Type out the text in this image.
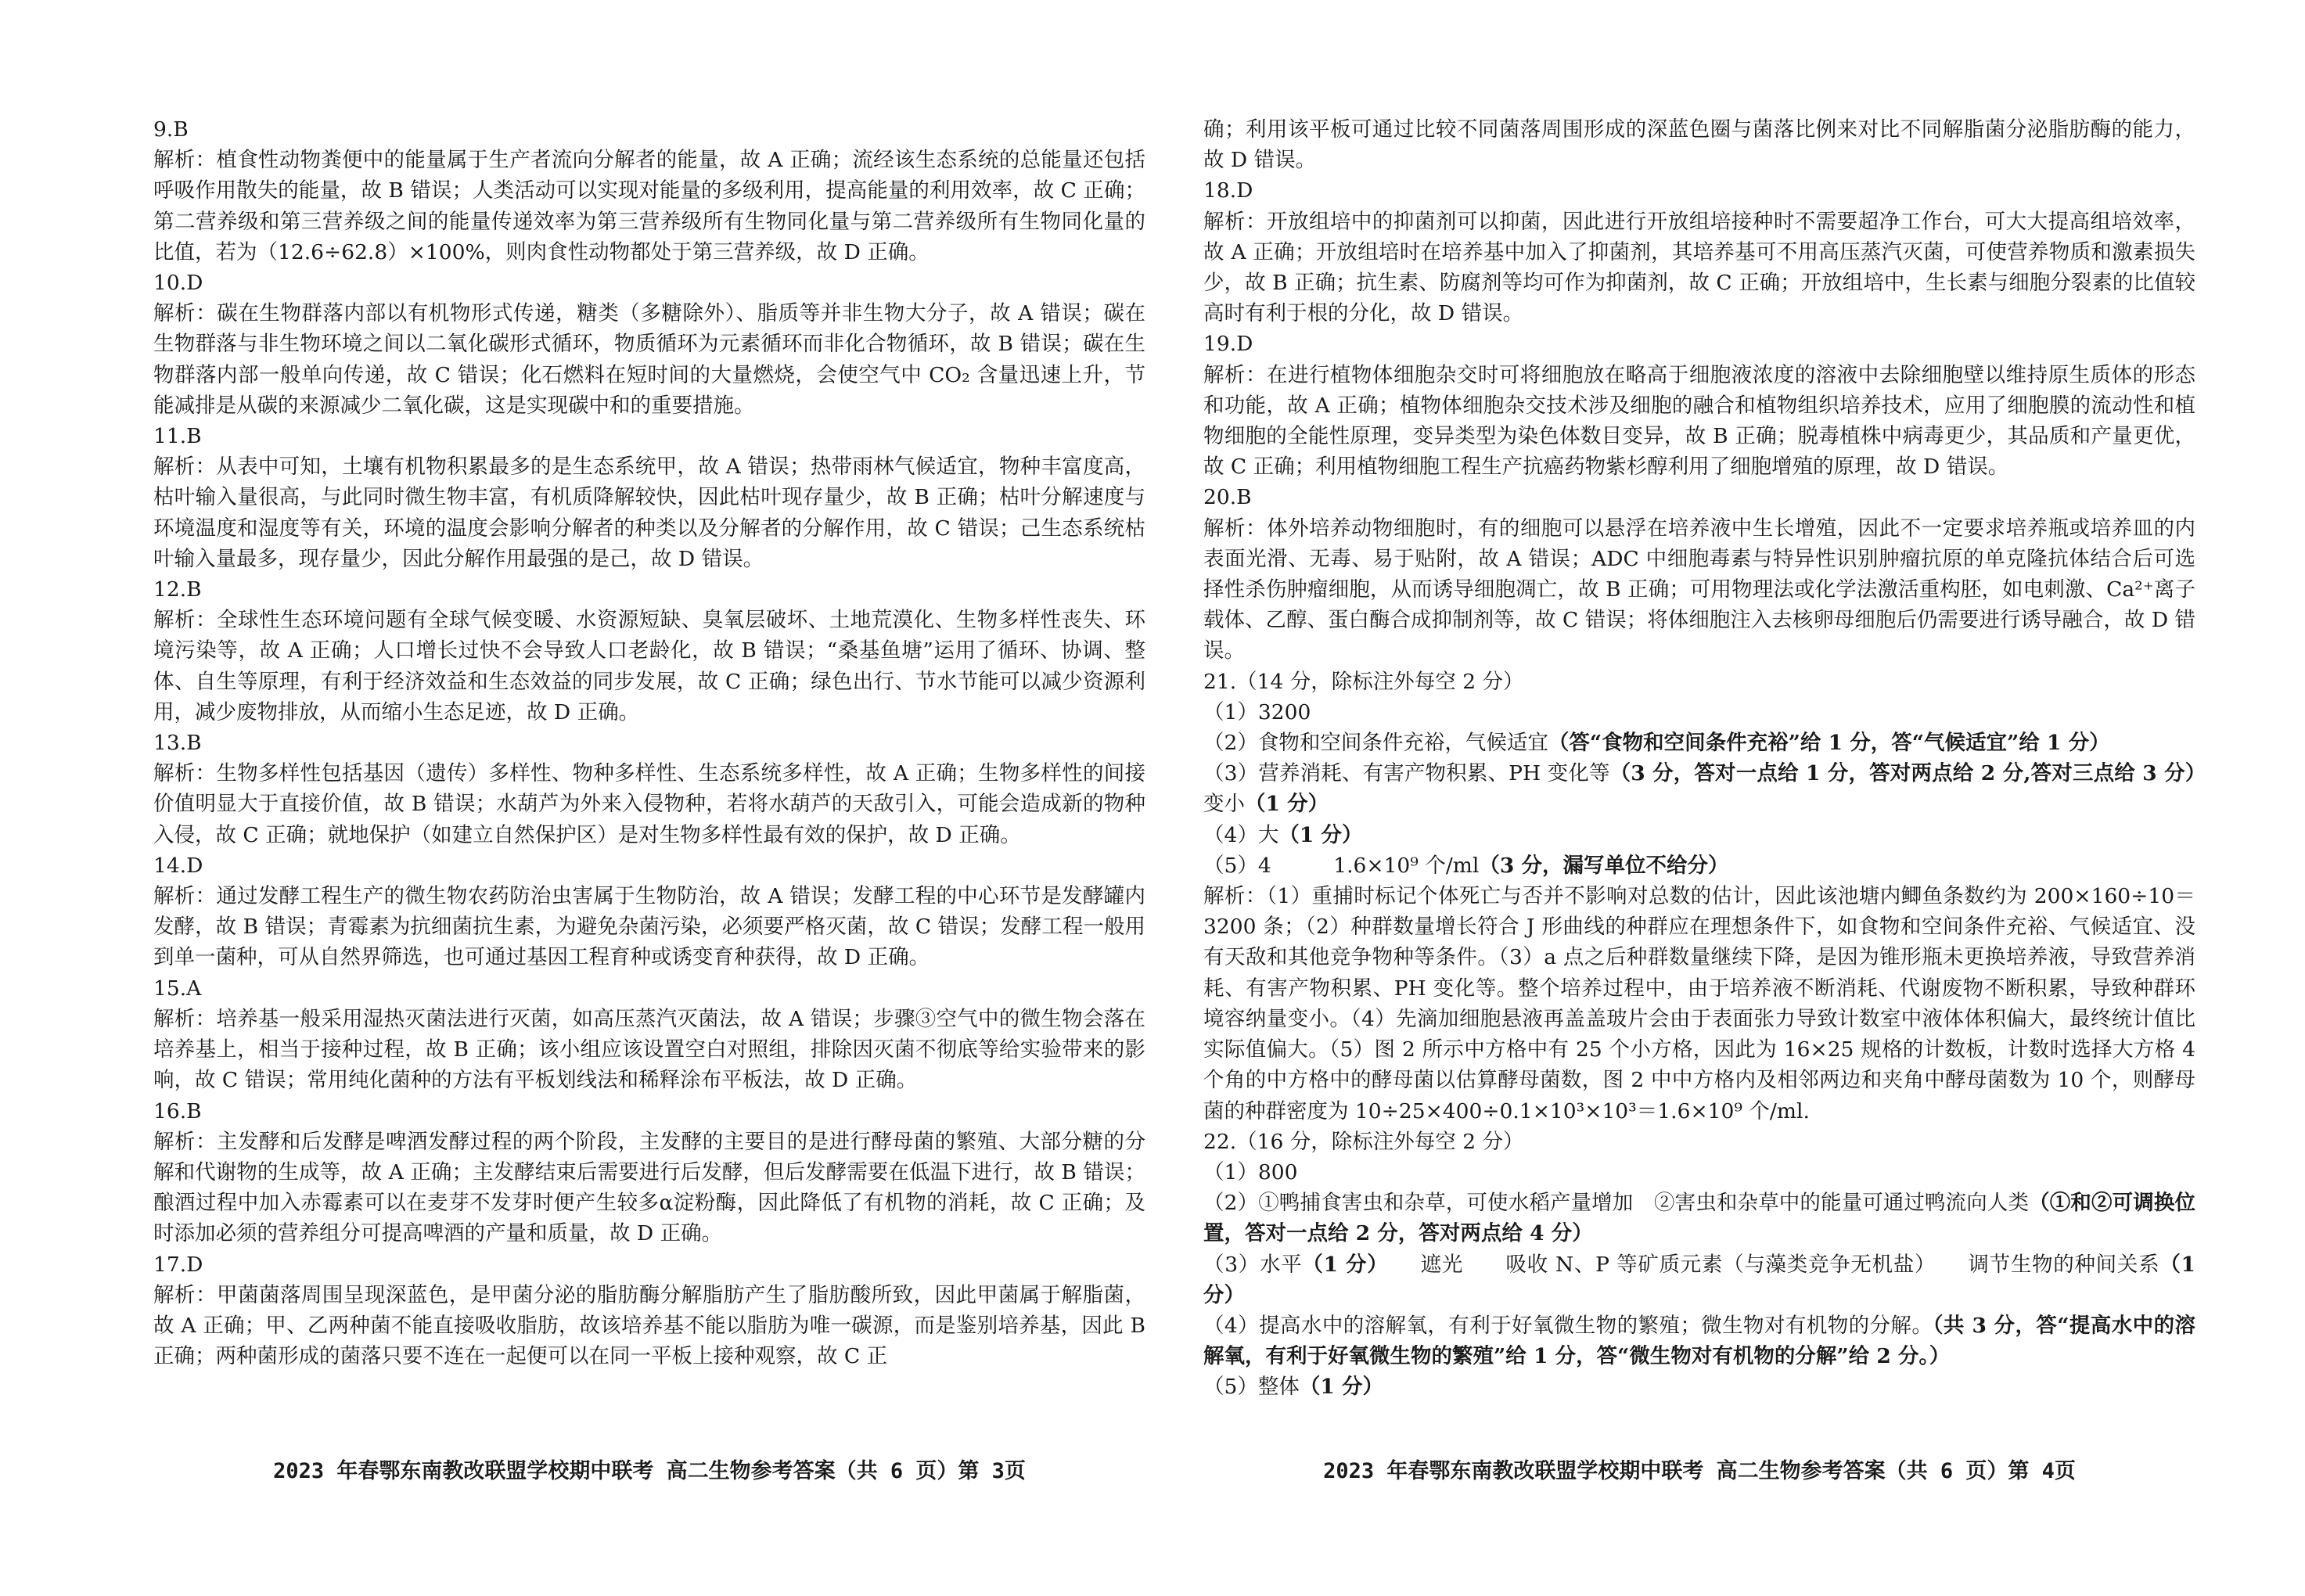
9.B

解析：植食性动物粪便中的能量属于生产者流向分解者的能量，故 A 正确；流经该生态系统的总能量还包括呼吸作用散失的能量，故 B 错误；人类活动可以实现对能量的多级利用，提高能量的利用效率，故 C 正确；第二营养级和第三营养级之间的能量传递效率为第三营养级所有生物同化量与第二营养级所有生物同化量的比值，若为（12.6÷62.8）×100%，则肉食性动物都处于第三营养级，故 D 正确。

10.D

解析：碳在生物群落内部以有机物形式传递，糖类（多糖除外）、脂质等并非生物大分子，故 A 错误；碳在生物群落与非生物环境之间以二氧化碳形式循环，物质循环为元素循环而非化合物循环，故 B 错误；碳在生物群落内部一般单向传递，故 C 错误；化石燃料在短时间的大量燃烧，会使空气中 CO₂ 含量迅速上升，节能减排是从碳的来源减少二氧化碳，这是实现碳中和的重要措施。

11.B

解析：从表中可知，土壤有机物积累最多的是生态系统甲，故 A 错误；热带雨林气候适宜，物种丰富度高，枯叶输入量很高，与此同时微生物丰富，有机质降解较快，因此枯叶现存量少，故 B 正确；枯叶分解速度与环境温度和湿度等有关，环境的温度会影响分解者的种类以及分解者的分解作用，故 C 错误；己生态系统枯叶输入量最多，现存量少，因此分解作用最强的是己，故 D 错误。

12.B

解析：全球性生态环境问题有全球气候变暖、水资源短缺、臭氧层破坏、土地荒漠化、生物多样性丧失、环境污染等，故 A 正确；人口增长过快不会导致人口老龄化，故 B 错误；“桑基鱼塘”运用了循环、协调、整体、自生等原理，有利于经济效益和生态效益的同步发展，故 C 正确；绿色出行、节水节能可以减少资源利用，减少废物排放，从而缩小生态足迹，故 D 正确。

13.B

解析：生物多样性包括基因（遗传）多样性、物种多样性、生态系统多样性，故 A 正确；生物多样性的间接价值明显大于直接价值，故 B 错误；水葫芦为外来入侵物种，若将水葫芦的天敌引入，可能会造成新的物种入侵，故 C 正确；就地保护（如建立自然保护区）是对生物多样性最有效的保护，故 D 正确。

14.D

解析：通过发酵工程生产的微生物农药防治虫害属于生物防治，故 A 错误；发酵工程的中心环节是发酵罐内发酵，故 B 错误；青霉素为抗细菌抗生素，为避免杂菌污染，必须要严格灭菌，故 C 错误；发酵工程一般用到单一菌种，可从自然界筛选，也可通过基因工程育种或诱变育种获得，故 D 正确。

15.A

解析：培养基一般采用湿热灭菌法进行灭菌，如高压蒸汽灭菌法，故 A 错误；步骤③空气中的微生物会落在培养基上，相当于接种过程，故 B 正确；该小组应该设置空白对照组，排除因灭菌不彻底等给实验带来的影响，故 C 错误；常用纯化菌种的方法有平板划线法和稀释涂布平板法，故 D 正确。

16.B

解析：主发酵和后发酵是啤酒发酵过程的两个阶段，主发酵的主要目的是进行酵母菌的繁殖、大部分糖的分解和代谢物的生成等，故 A 正确；主发酵结束后需要进行后发酵，但后发酵需要在低温下进行，故 B 错误；酿酒过程中加入赤霉素可以在麦芽不发芽时便产生较多α淀粉酶，因此降低了有机物的消耗，故 C 正确；及时添加必须的营养组分可提高啤酒的产量和质量，故 D 正确。

17.D

解析：甲菌菌落周围呈现深蓝色，是甲菌分泌的脂肪酶分解脂肪产生了脂肪酸所致，因此甲菌属于解脂菌，故 A 正确；甲、乙两种菌不能直接吸收脂肪，故该培养基不能以脂肪为唯一碳源，而是鉴别培养基，因此 B 正确；两种菌形成的菌落只要不连在一起便可以在同一平板上接种观察，故 C 正

确；利用该平板可通过比较不同菌落周围形成的深蓝色圈与菌落比例来对比不同解脂菌分泌脂肪酶的能力，故 D 错误。

18.D

解析：开放组培中的抑菌剂可以抑菌，因此进行开放组培接种时不需要超净工作台，可大大提高组培效率，故 A 正确；开放组培时在培养基中加入了抑菌剂，其培养基可不用高压蒸汽灭菌，可使营养物质和激素损失少，故 B 正确；抗生素、防腐剂等均可作为抑菌剂，故 C 正确；开放组培中，生长素与细胞分裂素的比值较高时有利于根的分化，故 D 错误。

19.D

解析：在进行植物体细胞杂交时可将细胞放在略高于细胞液浓度的溶液中去除细胞壁以维持原生质体的形态和功能，故 A 正确；植物体细胞杂交技术涉及细胞的融合和植物组织培养技术，应用了细胞膜的流动性和植物细胞的全能性原理，变异类型为染色体数目变异，故 B 正确；脱毒植株中病毒更少，其品质和产量更优，故 C 正确；利用植物细胞工程生产抗癌药物紫杉醇利用了细胞增殖的原理，故 D 错误。

20.B

解析：体外培养动物细胞时，有的细胞可以悬浮在培养液中生长增殖，因此不一定要求培养瓶或培养皿的内表面光滑、无毒、易于贴附，故 A 错误；ADC 中细胞毒素与特异性识别肿瘤抗原的单克隆抗体结合后可选择性杀伤肿瘤细胞，从而诱导细胞凋亡，故 B 正确；可用物理法或化学法激活重构胚，如电刺激、Ca²⁺离子载体、乙醇、蛋白酶合成抑制剂等，故 C 错误；将体细胞注入去核卵母细胞后仍需要进行诱导融合，故 D 错误。

21.（14 分，除标注外每空 2 分）

（1）3200

（2）食物和空间条件充裕，气候适宜（答“食物和空间条件充裕”给 1 分，答“气候适宜”给 1 分）

（3）营养消耗、有害产物积累、PH 变化等（3 分，答对一点给 1 分，答对两点给 2 分,答对三点给 3 分）　　变小（1 分）

（4）大（1 分）

（5）4　　　1.6×10⁹ 个/ml（3 分，漏写单位不给分）

解析：（1）重捕时标记个体死亡与否并不影响对总数的估计，因此该池塘内鲫鱼条数约为 200×160÷10＝3200 条；（2）种群数量增长符合 J 形曲线的种群应在理想条件下，如食物和空间条件充裕、气候适宜、没有天敌和其他竞争物种等条件。（3）a 点之后种群数量继续下降，是因为锥形瓶未更换培养液，导致营养消耗、有害产物积累、PH 变化等。整个培养过程中，由于培养液不断消耗、代谢废物不断积累，导致种群环境容纳量变小。（4）先滴加细胞悬液再盖盖玻片会由于表面张力导致计数室中液体体积偏大，最终统计值比实际值偏大。（5）图 2 所示中方格中有 25 个小方格，因此为 16×25 规格的计数板，计数时选择大方格 4 个角的中方格中的酵母菌以估算酵母菌数，图 2 中中方格内及相邻两边和夹角中酵母菌数为 10 个，则酵母菌的种群密度为 10÷25×400÷0.1×10³×10³＝1.6×10⁹ 个/ml.

22.（16 分，除标注外每空 2 分）

（1）800

（2）①鸭捕食害虫和杂草，可使水稻产量增加　②害虫和杂草中的能量可通过鸭流向人类（①和②可调换位置，答对一点给 2 分，答对两点给 4 分）

（3）水平（1 分）　　 遮光　　吸收 N、P 等矿质元素（与藻类竞争无机盐）　　 调节生物的种间关系（1 分）

（4）提高水中的溶解氧，有利于好氧微生物的繁殖；微生物对有机物的分解。（共 3 分，答“提高水中的溶解氧，有利于好氧微生物的繁殖”给 1 分，答“微生物对有机物的分解”给 2 分。）

（5）整体（1 分）

2023 年春鄂东南教改联盟学校期中联考 高二生物参考答案（共 6 页）第 3页	2023 年春鄂东南教改联盟学校期中联考 高二生物参考答案（共 6 页）第 4页
